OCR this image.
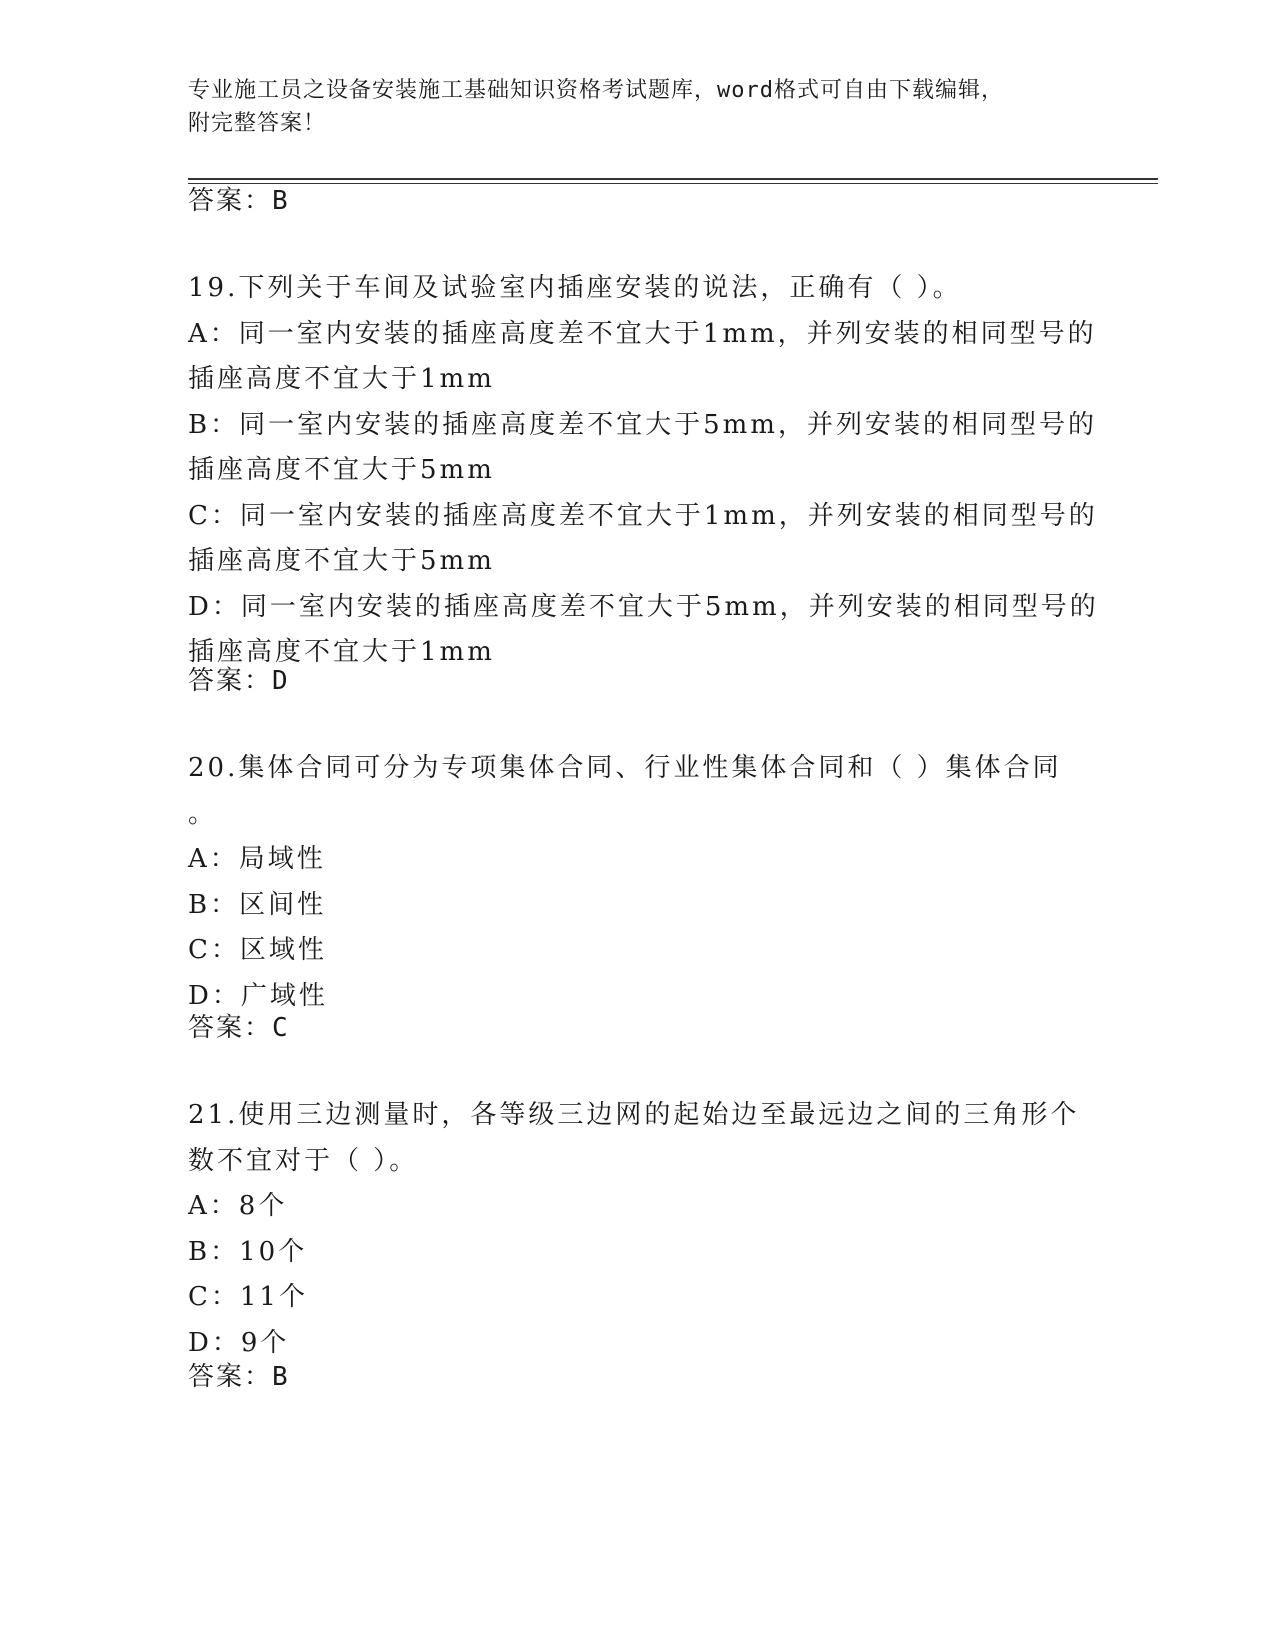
专业施工员之设备安装施工基础知识资格考试题库，word格式可自由下载编辑，
附完整答案！
答案：B
19.下列关于车间及试验室内插座安装的说法，正确有（ ）。
A：同一室内安装的插座高度差不宜大于1mm，并列安装的相同型号的
插座高度不宜大于1mm
B：同一室内安装的插座高度差不宜大于5mm，并列安装的相同型号的
插座高度不宜大于5mm
C：同一室内安装的插座高度差不宜大于1mm，并列安装的相同型号的
插座高度不宜大于5mm
D：同一室内安装的插座高度差不宜大于5mm，并列安装的相同型号的
插座高度不宜大于1mm
答案：D
20.集体合同可分为专项集体合同、行业性集体合同和（ ）集体合同
。
A：局域性
B：区间性
C：区域性
D：广域性
答案：C
21.使用三边测量时，各等级三边网的起始边至最远边之间的三角形个
数不宜对于（ ）。
A：8个
B：10个
C：11个
D：9个
答案：B
